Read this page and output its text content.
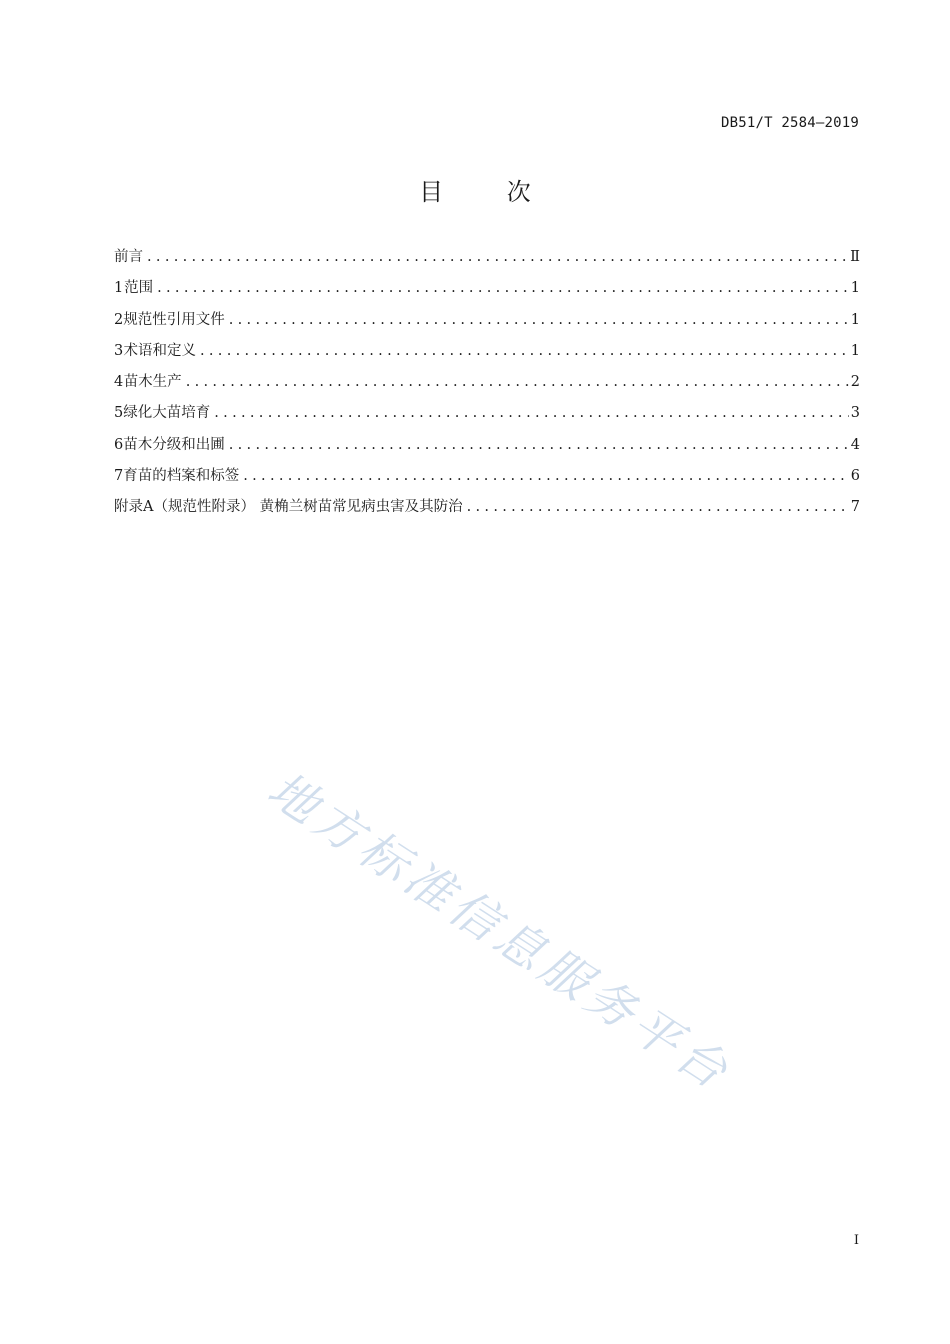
DB51/T 2584—2019
目 次
前言 .....	Ⅱ
1 范围 .....	1
2 规范性引用文件 .....	1
3 术语和定义 .....	1
4 苗木生产 .....	2
5 绿化大苗培育 .....	3
6 苗木分级和出圃 .....	4
7 育苗的档案和标签 .....	6
附录A（规范性附录） 黄桷兰树苗常见病虫害及其防治 .....	7
地方标准信息服务平台
I
